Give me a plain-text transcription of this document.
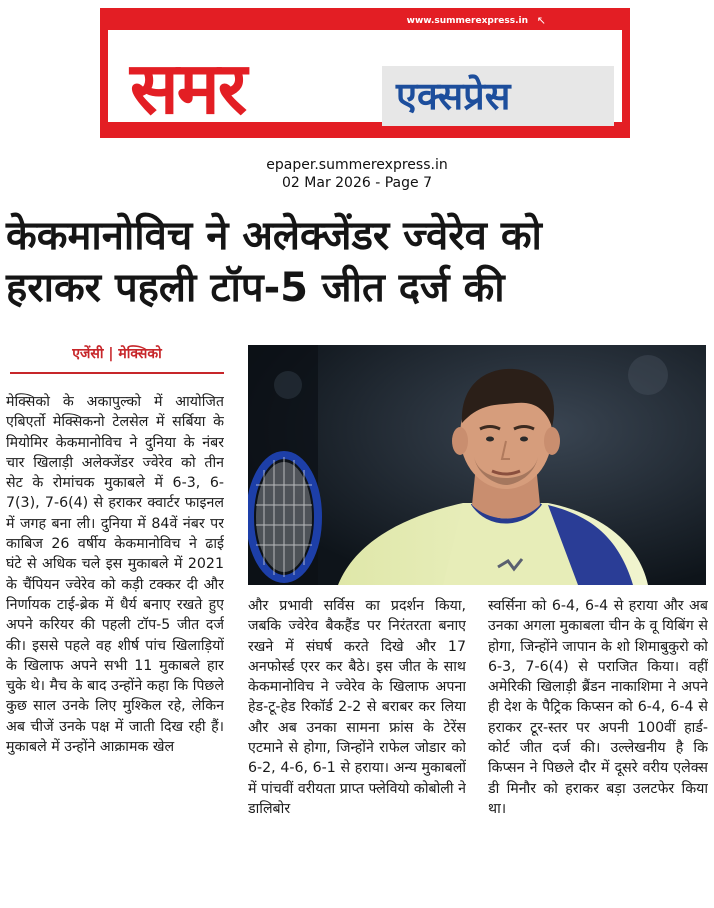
www.summerexpress.in ↖
समर	एक्सप्रेस
epaper.summerexpress.in
02 Mar 2026 - Page 7
केकमानोविच ने अलेक्जेंडर ज्वेरेव को
हराकर पहली टॉप-5 जीत दर्ज की
एजेंसी | मेक्सिको
मेक्सिको के अकापुल्को में आयोजित एबिएर्तो मेक्सिकनो टेलसेल में सर्बिया के मियोमिर केकमानोविच ने दुनिया के नंबर चार खिलाड़ी अलेक्जेंडर ज्वेरेव को तीन सेट के रोमांचक मुकाबले में 6-3, 6-7(3), 7-6(4) से हराकर क्वार्टर फाइनल में जगह बना ली। दुनिया में 84वें नंबर पर काबिज 26 वर्षीय केकमानोविच ने ढाई घंटे से अधिक चले इस मुकाबले में 2021 के चैंपियन ज्वेरेव को कड़ी टक्कर दी और निर्णायक टाई-ब्रेक में धैर्य बनाए रखते हुए अपने करियर की पहली टॉप-5 जीत दर्ज की। इससे पहले वह शीर्ष पांच खिलाड़ियों के खिलाफ अपने सभी 11 मुकाबले हार चुके थे। मैच के बाद उन्होंने कहा कि पिछले कुछ साल उनके लिए मुश्किल रहे, लेकिन अब चीजें उनके पक्ष में जाती दिख रही हैं। मुकाबले में उन्होंने आक्रामक खेल
और प्रभावी सर्विस का प्रदर्शन किया, जबकि ज्वेरेव बैकहैंड पर निरंतरता बनाए रखने में संघर्ष करते दिखे और 17 अनफोर्स्ड एरर कर बैठे। इस जीत के साथ केकमानोविच ने ज्वेरेव के खिलाफ अपना हेड-टू-हेड रिकॉर्ड 2-2 से बराबर कर लिया और अब उनका सामना फ्रांस के टेरेंस एटमाने से होगा, जिन्होंने राफेल जोडार को 6-2, 4-6, 6-1 से हराया। अन्य मुकाबलों में पांचवीं वरीयता प्राप्त फ्लेवियो कोबोली ने डालिबोर
स्वर्सिना को 6-4, 6-4 से हराया और अब उनका अगला मुकाबला चीन के वू यिबिंग से होगा, जिन्होंने जापान के शो शिमाबुकुरो को 6-3, 7-6(4) से पराजित किया। वहीं अमेरिकी खिलाड़ी ब्रैंडन नाकाशिमा ने अपने ही देश के पैट्रिक किप्सन को 6-4, 6-4 से हराकर टूर-स्तर पर अपनी 100वीं हार्ड-कोर्ट जीत दर्ज की। उल्लेखनीय है कि किप्सन ने पिछले दौर में दूसरे वरीय एलेक्स डी मिनौर को हराकर बड़ा उलटफेर किया था।
